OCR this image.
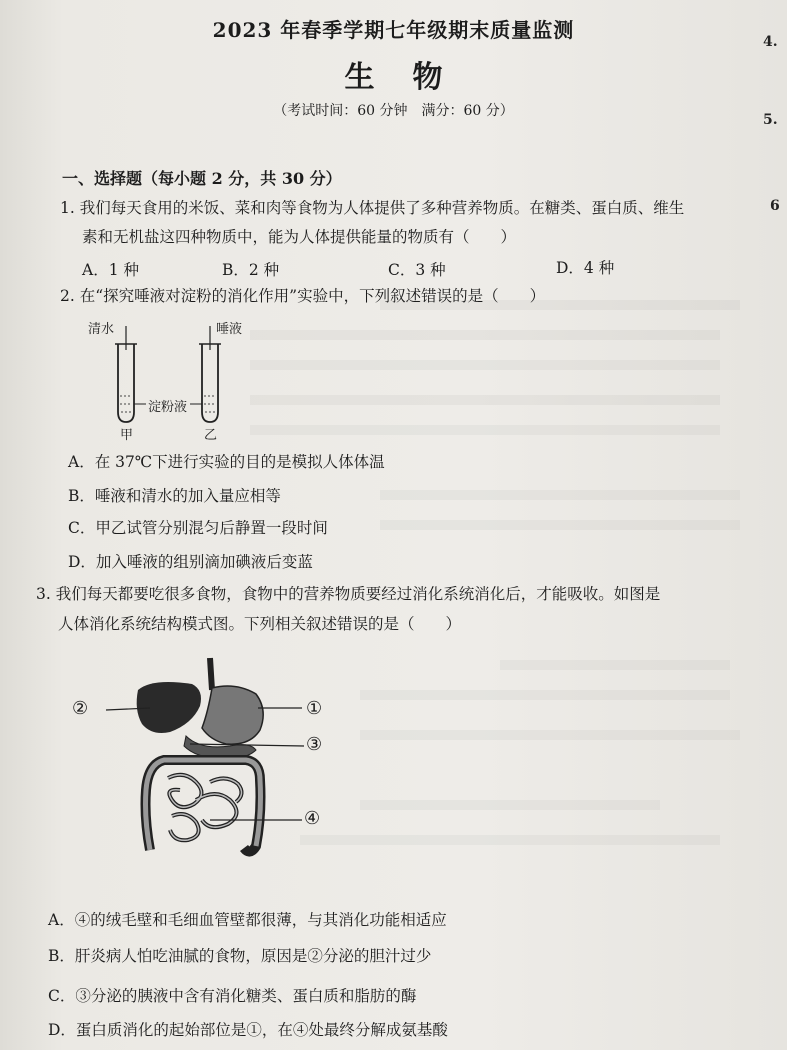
4.
5.
6
2023 年春季学期七年级期末质量监测
生物
（考试时间：60 分钟　满分：60 分）
一、选择题（每小题 2 分，共 30 分）
1. 我们每天食用的米饭、菜和肉等食物为人体提供了多种营养物质。在糖类、蛋白质、维生
素和无机盐这四种物质中，能为人体提供能量的物质有（　　）
A．1 种	B．2 种	C．3 种	D．4 种
2. 在“探究唾液对淀粉的消化作用”实验中，下列叙述错误的是（　　）
清水	唾液
淀粉液
甲	乙
A．在 37℃下进行实验的目的是模拟人体体温
B．唾液和清水的加入量应相等
C．甲乙试管分别混匀后静置一段时间
D．加入唾液的组别滴加碘液后变蓝
3. 我们每天都要吃很多食物，食物中的营养物质要经过消化系统消化后，才能吸收。如图是
人体消化系统结构模式图。下列相关叙述错误的是（　　）
②	①
③
④
A．④的绒毛壁和毛细血管壁都很薄，与其消化功能相适应
B．肝炎病人怕吃油腻的食物，原因是②分泌的胆汁过少
C．③分泌的胰液中含有消化糖类、蛋白质和脂肪的酶
D．蛋白质消化的起始部位是①，在④处最终分解成氨基酸
